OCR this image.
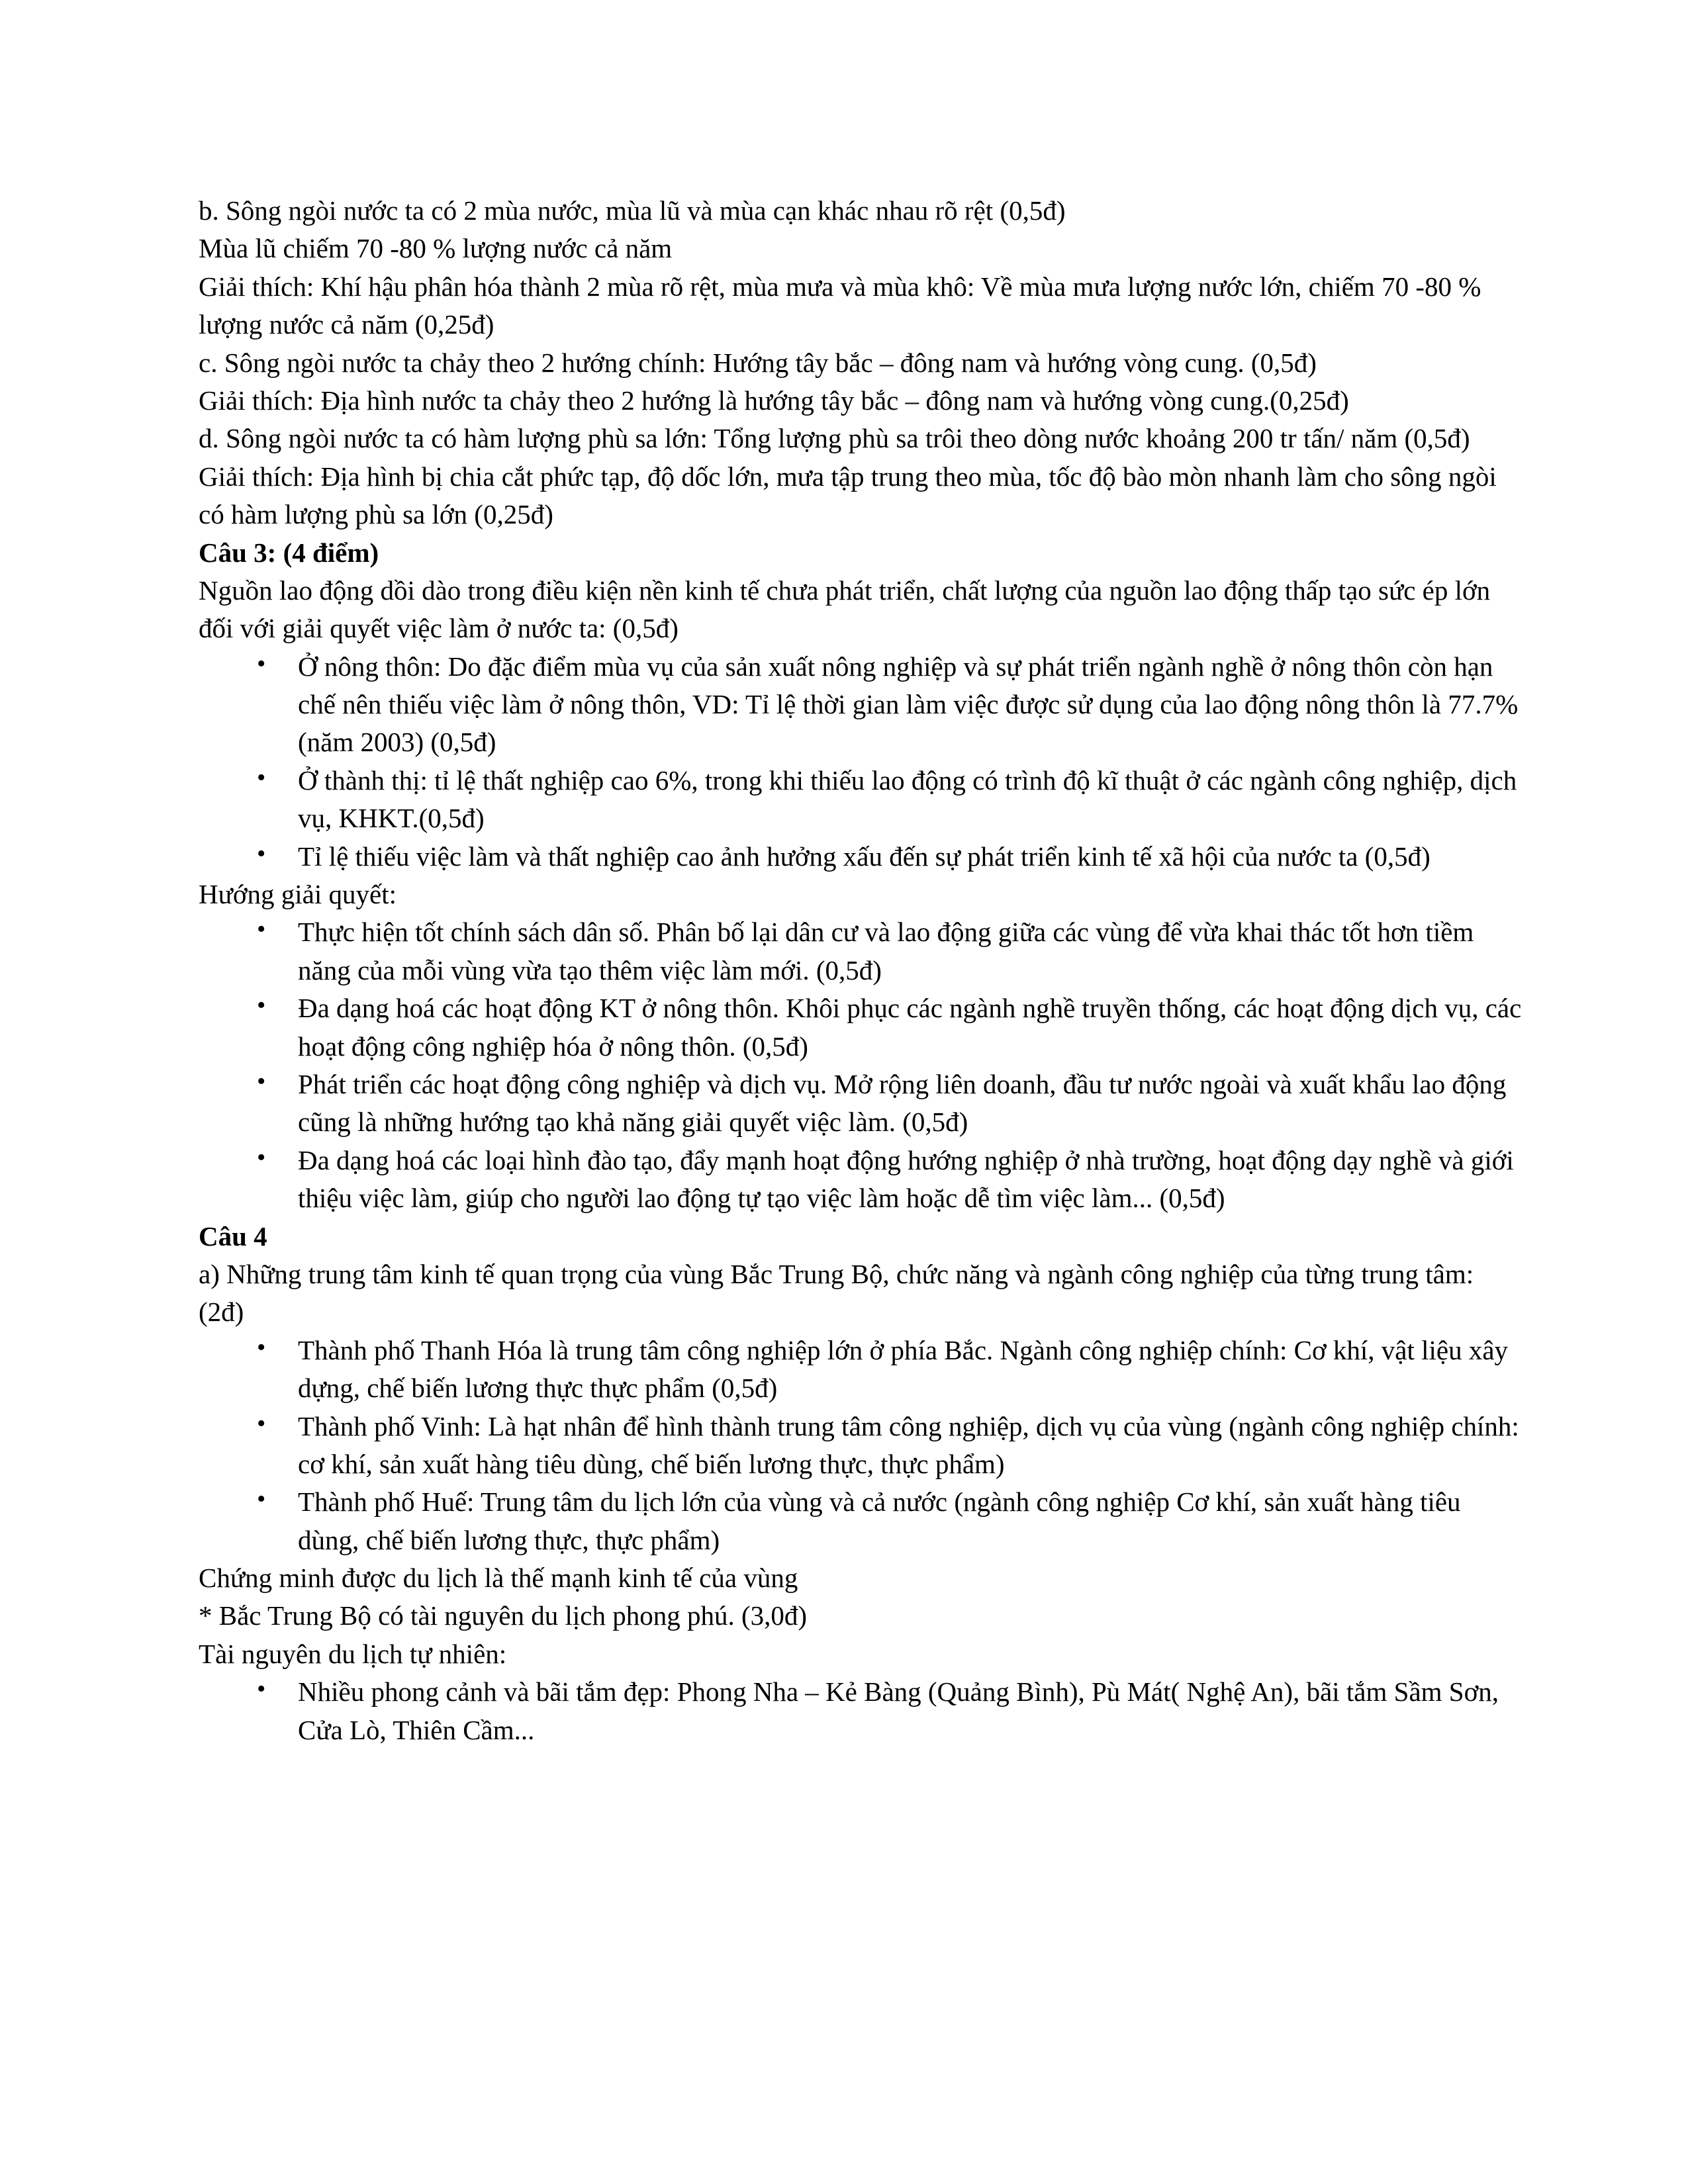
b. Sông ngòi nước ta có 2 mùa nước, mùa lũ và mùa cạn khác nhau rõ rệt (0,5đ)

Mùa lũ chiếm 70 -80 % lượng nước cả năm

Giải thích: Khí hậu phân hóa thành 2 mùa rõ rệt, mùa mưa và mùa khô: Về mùa mưa lượng nước lớn, chiếm 70 -80 % lượng nước cả năm (0,25đ)

c. Sông ngòi nước ta chảy theo 2 hướng chính: Hướng tây bắc – đông nam và hướng vòng cung. (0,5đ)

Giải thích: Địa hình nước ta chảy theo 2 hướng là hướng tây bắc – đông nam và hướng vòng cung.(0,25đ)

d. Sông ngòi nước ta có hàm lượng phù sa lớn: Tổng lượng phù sa trôi theo dòng nước khoảng 200 tr tấn/ năm (0,5đ)

Giải thích: Địa hình bị chia cắt phức tạp, độ dốc lớn, mưa tập trung theo mùa, tốc độ bào mòn nhanh làm cho sông ngòi có hàm lượng phù sa lớn (0,25đ)

Câu 3: (4 điểm)

Nguồn lao động dồi dào trong điều kiện nền kinh tế chưa phát triển, chất lượng của nguồn lao động thấp tạo sức ép lớn đối với giải quyết việc làm ở nước ta: (0,5đ)

• Ở nông thôn: Do đặc điểm mùa vụ của sản xuất nông nghiệp và sự phát triển ngành nghề ở nông thôn còn hạn chế nên thiếu việc làm ở nông thôn, VD: Tỉ lệ thời gian làm việc được sử dụng của lao động nông thôn là 77.7% (năm 2003) (0,5đ)
• Ở thành thị: tỉ lệ thất nghiệp cao 6%, trong khi thiếu lao động có trình độ kĩ thuật ở các ngành công nghiệp, dịch vụ, KHKT.(0,5đ)
• Tỉ lệ thiếu việc làm và thất nghiệp cao ảnh hưởng xấu đến sự phát triển kinh tế xã hội của nước ta (0,5đ)

Hướng giải quyết:

• Thực hiện tốt chính sách dân số. Phân bố lại dân cư và lao động giữa các vùng để vừa khai thác tốt hơn tiềm năng của mỗi vùng vừa tạo thêm việc làm mới. (0,5đ)
• Đa dạng hoá các hoạt động KT ở nông thôn. Khôi phục các ngành nghề truyền thống, các hoạt động dịch vụ, các hoạt động công nghiệp hóa ở nông thôn. (0,5đ)
• Phát triển các hoạt động công nghiệp và dịch vụ. Mở rộng liên doanh, đầu tư nước ngoài và xuất khẩu lao động cũng là những hướng tạo khả năng giải quyết việc làm. (0,5đ)
• Đa dạng hoá các loại hình đào tạo, đẩy mạnh hoạt động hướng nghiệp ở nhà trường, hoạt động dạy nghề và giới thiệu việc làm, giúp cho người lao động tự tạo việc làm hoặc dễ tìm việc làm... (0,5đ)

Câu 4

a) Những trung tâm kinh tế quan trọng của vùng Bắc Trung Bộ, chức năng và ngành công nghiệp của từng trung tâm: (2đ)

• Thành phố Thanh Hóa là trung tâm công nghiệp lớn ở phía Bắc. Ngành công nghiệp chính: Cơ khí, vật liệu xây dựng, chế biến lương thực thực phẩm (0,5đ)
• Thành phố Vinh: Là hạt nhân để hình thành trung tâm công nghiệp, dịch vụ của vùng (ngành công nghiệp chính: cơ khí, sản xuất hàng tiêu dùng, chế biến lương thực, thực phẩm)
• Thành phố Huế: Trung tâm du lịch lớn của vùng và cả nước (ngành công nghiệp Cơ khí, sản xuất hàng tiêu dùng, chế biến lương thực, thực phẩm)

Chứng minh được du lịch là thế mạnh kinh tế của vùng

* Bắc Trung Bộ có tài nguyên du lịch phong phú. (3,0đ)

Tài nguyên du lịch tự nhiên:

• Nhiều phong cảnh và bãi tắm đẹp: Phong Nha – Kẻ Bàng (Quảng Bình), Pù Mát( Nghệ An), bãi tắm Sầm Sơn, Cửa Lò, Thiên Cầm...
